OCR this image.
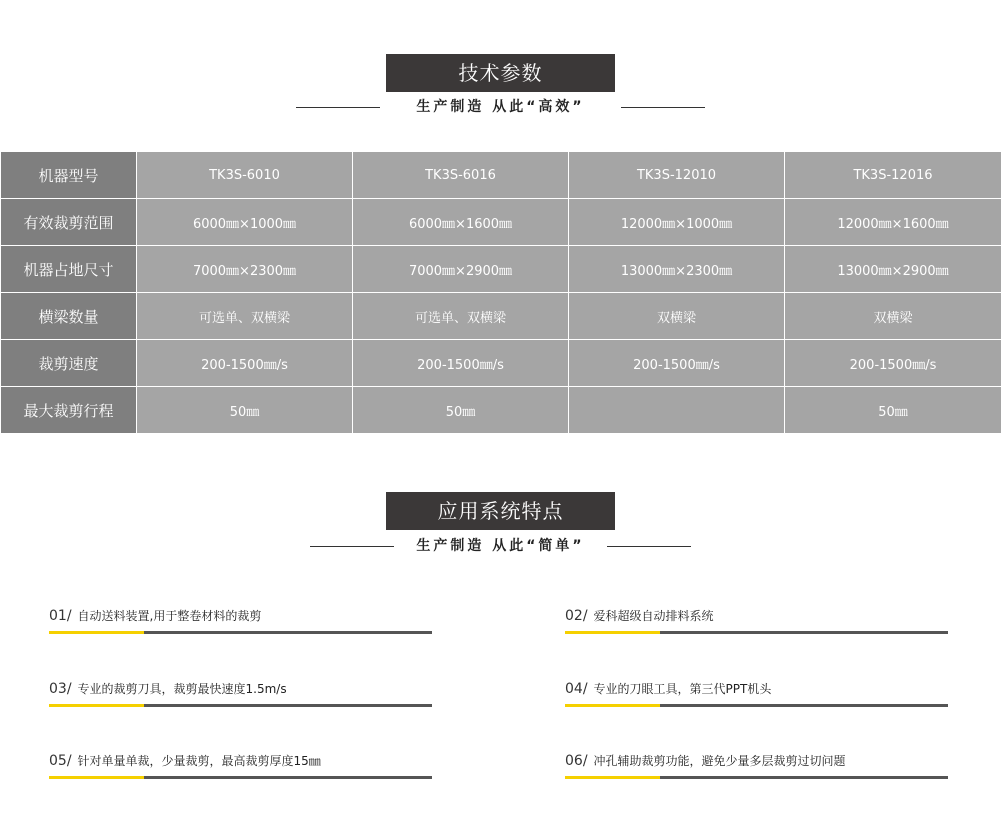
技术参数
生产制造 从此“高效”
机器型号	TK3S-6010	TK3S-6016	TK3S-12010	TK3S-12016
有效裁剪范围	6000㎜×1000㎜	6000㎜×1600㎜	12000㎜×1000㎜	12000㎜×1600㎜
机器占地尺寸	7000㎜×2300㎜	7000㎜×2900㎜	13000㎜×2300㎜	13000㎜×2900㎜
横梁数量	可选单、双横梁	可选单、双横梁	双横梁	双横梁
裁剪速度	200-1500㎜/s	200-1500㎜/s	200-1500㎜/s	200-1500㎜/s
最大裁剪行程	50㎜	50㎜		50㎜
应用系统特点
生产制造 从此“简单”
01/ 自动送料装置,用于整卷材料的裁剪	02/ 爱科超级自动排料系统
03/ 专业的裁剪刀具，裁剪最快速度1.5m/s	04/ 专业的刀眼工具，第三代PPT机头
05/ 针对单量单裁，少量裁剪，最高裁剪厚度15㎜	06/ 冲孔辅助裁剪功能，避免少量多层裁剪过切问题
